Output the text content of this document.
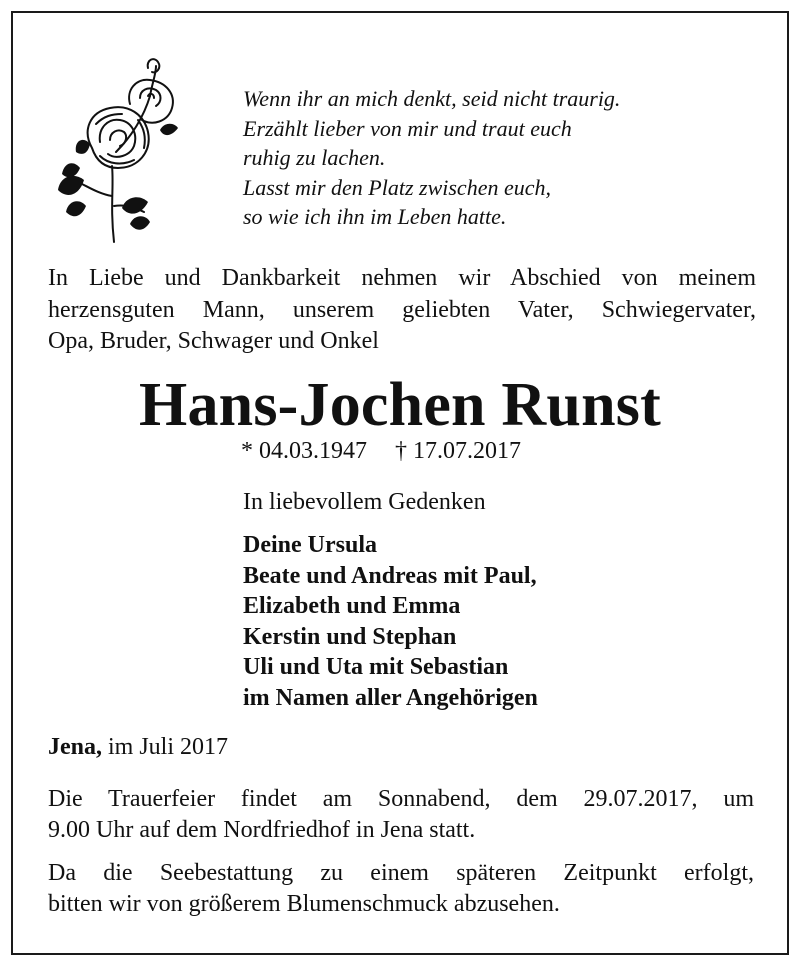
Wenn ihr an mich denkt, seid nicht traurig.
Erzählt lieber von mir und traut euch
ruhig zu lachen.
Lasst mir den Platz zwischen euch,
so wie ich ihn im Leben hatte.
In Liebe und Dankbarkeit nehmen wir Abschied von meinem
herzensguten Mann, unserem geliebten Vater, Schwiegervater,
Opa, Bruder, Schwager und Onkel
Hans-Jochen Runst
* 04.03.1947 † 17.07.2017
In liebevollem Gedenken
Deine Ursula
Beate und Andreas mit Paul,
Elizabeth und Emma
Kerstin und Stephan
Uli und Uta mit Sebastian
im Namen aller Angehörigen
Jena, im Juli 2017
Die Trauerfeier findet am Sonnabend, dem 29.07.2017, um
9.00 Uhr auf dem Nordfriedhof in Jena statt.
Da die Seebestattung zu einem späteren Zeitpunkt erfolgt,
bitten wir von größerem Blumenschmuck abzusehen.
